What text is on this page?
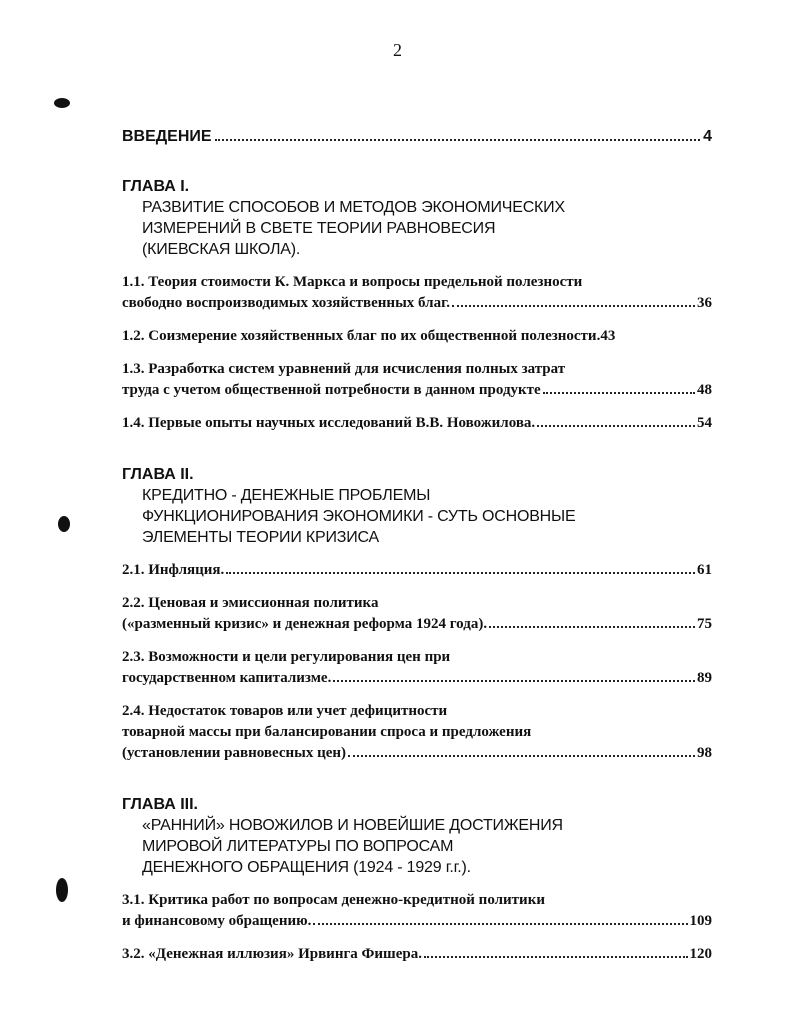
2
ВВЕДЕНИЕ	4
ГЛАВА I.
РАЗВИТИЕ СПОСОБОВ И МЕТОДОВ ЭКОНОМИЧЕСКИХ
ИЗМЕРЕНИЙ В СВЕТЕ ТЕОРИИ РАВНОВЕСИЯ
(КИЕВСКАЯ ШКОЛА).
1.1. Теория стоимости К. Маркса и вопросы предельной полезности
свободно воспроизводимых хозяйственных благ.	36
1.2. Соизмерение хозяйственных благ по их общественной полезности.43
1.3. Разработка систем уравнений для исчисления полных затрат
труда с учетом общественной потребности в данном продукте	48
1.4. Первые опыты научных исследований В.В. Новожилова.	54
ГЛАВА II.
КРЕДИТНО - ДЕНЕЖНЫЕ ПРОБЛЕМЫ
ФУНКЦИОНИРОВАНИЯ ЭКОНОМИКИ - СУТЬ ОСНОВНЫЕ
ЭЛЕМЕНТЫ ТЕОРИИ КРИЗИСА
2.1. Инфляция.	61
2.2. Ценовая и эмиссионная политика
(«разменный кризис» и денежная реформа 1924 года).	75
2.3. Возможности и цели регулирования цен при
государственном капитализме.	89
2.4. Недостаток товаров или учет дефицитности
товарной массы при балансировании спроса и предложения
(установлении равновесных цен)	98
ГЛАВА III.
«РАННИЙ» НОВОЖИЛОВ И НОВЕЙШИЕ ДОСТИЖЕНИЯ
МИРОВОЙ ЛИТЕРАТУРЫ ПО ВОПРОСАМ
ДЕНЕЖНОГО ОБРАЩЕНИЯ (1924 - 1929 г.г.).
3.1. Критика работ по вопросам денежно-кредитной политики
и финансовому обращению.	109
3.2. «Денежная иллюзия» Ирвинга Фишера.	120
